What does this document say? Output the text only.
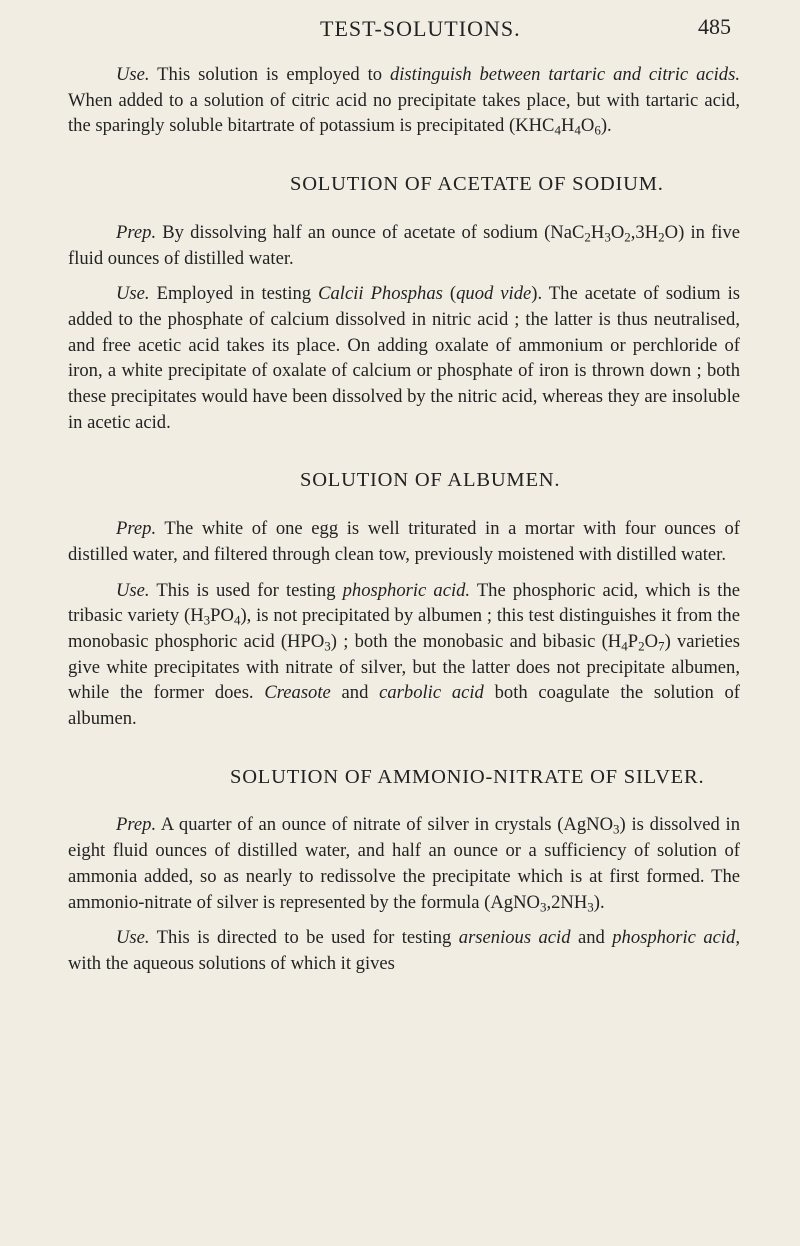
TEST-SOLUTIONS.	485

Use. This solution is employed to distinguish between tartaric and citric acids. When added to a solution of citric acid no precipitate takes place, but with tartaric acid, the sparingly soluble bitartrate of potassium is precipitated $(KHC_4H_4O_6)$.

SOLUTION OF ACETATE OF SODIUM.

Prep. By dissolving half an ounce of acetate of sodium $(NaC_2H_3O_2,3H_2O)$ in five fluid ounces of distilled water.

Use. Employed in testing Calcii Phosphas (quod vide). The acetate of sodium is added to the phosphate of calcium dissolved in nitric acid ; the latter is thus neutralised, and free acetic acid takes its place. On adding oxalate of ammonium or perchloride of iron, a white precipitate of oxalate of calcium or phosphate of iron is thrown down ; both these precipitates would have been dissolved by the nitric acid, whereas they are insoluble in acetic acid.

SOLUTION OF ALBUMEN.

Prep. The white of one egg is well triturated in a mortar with four ounces of distilled water, and filtered through clean tow, previously moistened with distilled water.

Use. This is used for testing phosphoric acid. The phosphoric acid, which is the tribasic variety $(H_3PO_4)$, is not precipitated by albumen ; this test distinguishes it from the monobasic phosphoric acid $(HPO_3)$ ; both the monobasic and bibasic $(H_4P_2O_7)$ varieties give white precipitates with nitrate of silver, but the latter does not precipitate albumen, while the former does. Creasote and carbolic acid both coagulate the solution of albumen.

SOLUTION OF AMMONIO-NITRATE OF SILVER.

Prep. A quarter of an ounce of nitrate of silver in crystals (AgNO$_3$) is dissolved in eight fluid ounces of distilled water, and half an ounce or a sufficiency of solution of ammonia added, so as nearly to redissolve the precipitate which is at first formed. The ammonio-nitrate of silver is represented by the formula $(AgNO_3,2NH_3)$.

Use. This is directed to be used for testing arsenious acid and phosphoric acid, with the aqueous solutions of which it gives
